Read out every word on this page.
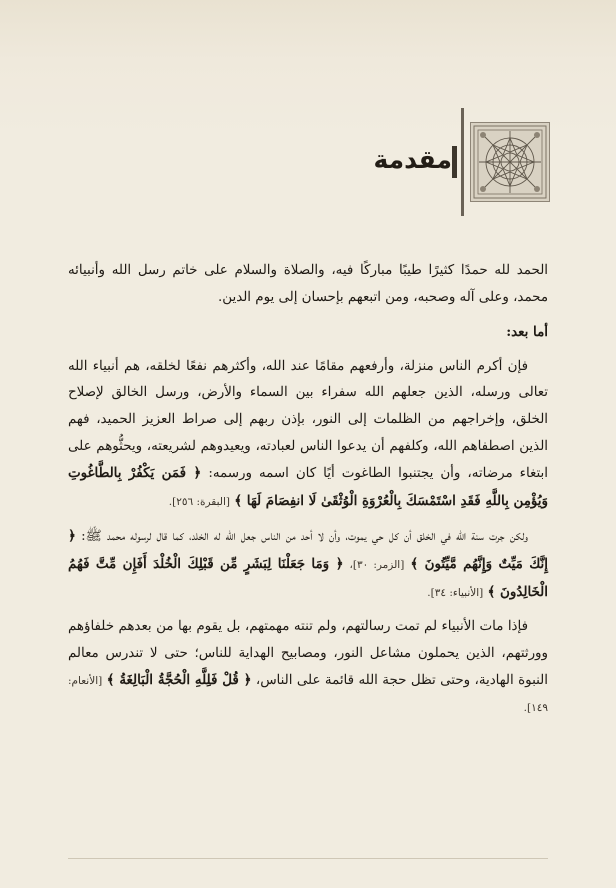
مقدمة

الحمد لله حمدًا كثيرًا طيبًا مباركًا فيه، والصلاة والسلام على خاتم رسل الله وأنبيائه محمد، وعلى آله وصحبه، ومن اتبعهم بإحسان إلى يوم الدين.

أما بعد:

فإن أكرم الناس منزلة، وأرفعهم مقامًا عند الله، وأكثرهم نفعًا لخلقه، هم أنبياء الله تعالى ورسله، الذين جعلهم الله سفراء بين السماء والأرض، ورسل الخالق لإصلاح الخلق، وإخراجهم من الظلمات إلى النور، بإذن ربهم إلى صراط العزيز الحميد، فهم الذين اصطفاهم الله، وكلفهم أن يدعوا الناس لعبادته، ويعيدوهم لشريعته، ويحثُّوهم على ابتغاء مرضاته، وأن يجتنبوا الطاغوت أيًا كان اسمه ورسمه: ﴿ فَمَن يَكْفُرْ بِالطَّاغُوتِ وَيُؤْمِن بِاللَّهِ فَقَدِ اسْتَمْسَكَ بِالْعُرْوَةِ الْوُثْقَىٰ لَا انفِصَامَ لَهَا ﴾ [البقرة: ٢٥٦].

ولكن جرت سنة الله في الخلق أن كل حي يموت، وأن لا أحد من الناس جعل الله له الخلد، كما قال لرسوله محمد ﷺ: ﴿ إِنَّكَ مَيِّتٌ وَإِنَّهُم مَّيِّتُونَ ﴾ [الزمر: ٣٠]، ﴿ وَمَا جَعَلْنَا لِبَشَرٍ مِّن قَبْلِكَ الْخُلْدَ أَفَإِن مِّتَّ فَهُمُ الْخَالِدُونَ ﴾ [الأنبياء: ٣٤].

فإذا مات الأنبياء لم تمت رسالتهم، ولم تنته مهمتهم، بل يقوم بها من بعدهم خلفاؤهم وورثتهم، الذين يحملون مشاعل النور، ومصابيح الهداية للناس؛ حتى لا تندرس معالم النبوة الهادية، وحتى تظل حجة الله قائمة على الناس، ﴿ قُلْ فَلِلَّهِ الْحُجَّةُ الْبَالِغَةُ ﴾ [الأنعام: ١٤٩].
